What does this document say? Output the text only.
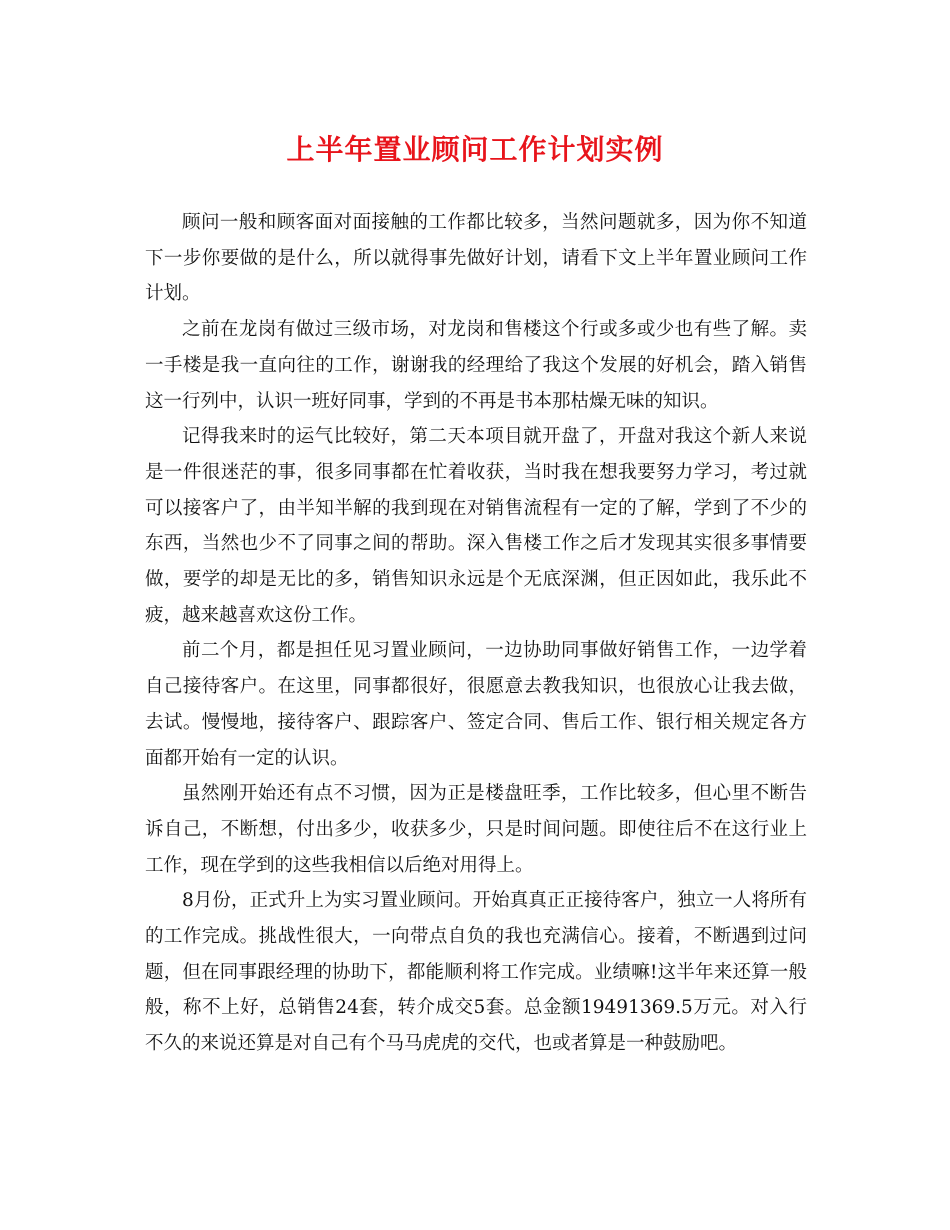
上半年置业顾问工作计划实例

顾问一般和顾客面对面接触的工作都比较多，当然问题就多，因为你不知道下一步你要做的是什么，所以就得事先做好计划，请看下文上半年置业顾问工作计划。

之前在龙岗有做过三级市场，对龙岗和售楼这个行或多或少也有些了解。卖一手楼是我一直向往的工作，谢谢我的经理给了我这个发展的好机会，踏入销售这一行列中，认识一班好同事，学到的不再是书本那枯燥无味的知识。

记得我来时的运气比较好，第二天本项目就开盘了，开盘对我这个新人来说是一件很迷茫的事，很多同事都在忙着收获，当时我在想我要努力学习，考过就可以接客户了，由半知半解的我到现在对销售流程有一定的了解，学到了不少的东西，当然也少不了同事之间的帮助。深入售楼工作之后才发现其实很多事情要做，要学的却是无比的多，销售知识永远是个无底深渊，但正因如此，我乐此不疲，越来越喜欢这份工作。

前二个月，都是担任见习置业顾问，一边协助同事做好销售工作，一边学着自己接待客户。在这里，同事都很好，很愿意去教我知识，也很放心让我去做，去试。慢慢地，接待客户、跟踪客户、签定合同、售后工作、银行相关规定各方面都开始有一定的认识。

虽然刚开始还有点不习惯，因为正是楼盘旺季，工作比较多，但心里不断告诉自己，不断想，付出多少，收获多少，只是时间问题。即使往后不在这行业上工作，现在学到的这些我相信以后绝对用得上。

8月份，正式升上为实习置业顾问。开始真真正正接待客户，独立一人将所有的工作完成。挑战性很大，一向带点自负的我也充满信心。接着，不断遇到过问题，但在同事跟经理的协助下，都能顺利将工作完成。业绩嘛!这半年来还算一般般，称不上好，总销售24套，转介成交5套。总金额19491369.5万元。对入行不久的来说还算是对自己有个马马虎虎的交代，也或者算是一种鼓励吧。
